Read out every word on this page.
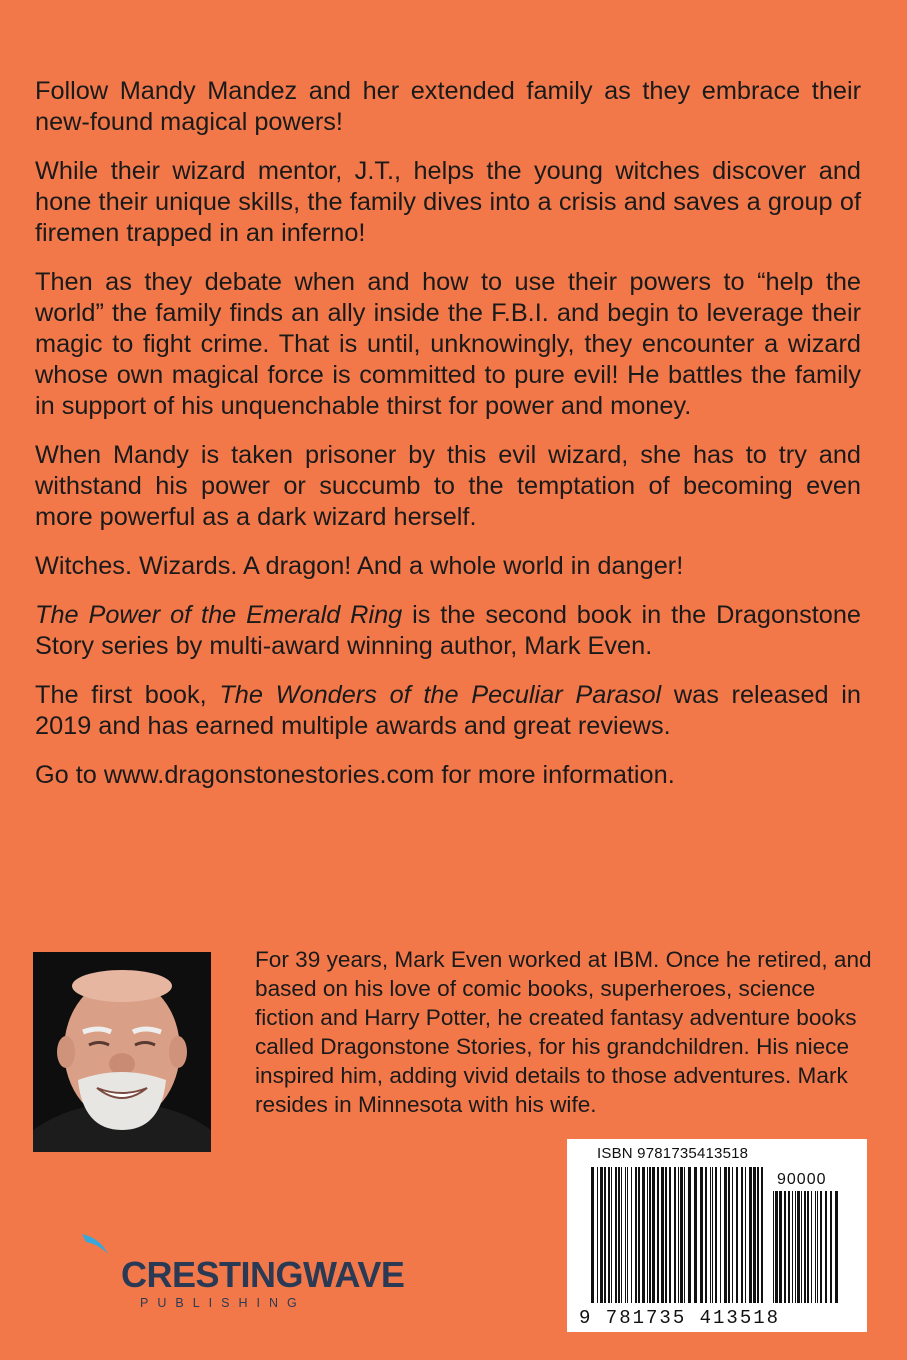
Follow Mandy Mandez and her extended family as they embrace their new-found magical powers!

While their wizard mentor, J.T., helps the young witches discover and hone their unique skills, the family dives into a crisis and saves a group of firemen trapped in an inferno!

Then as they debate when and how to use their powers to “help the world” the family finds an ally inside the F.B.I. and begin to leverage their magic to fight crime. That is until, unknowingly, they encounter a wizard whose own magical force is committed to pure evil! He battles the family in support of his unquenchable thirst for power and money.

When Mandy is taken prisoner by this evil wizard, she has to try and withstand his power or succumb to the temptation of becoming even more powerful as a dark wizard herself.

Witches. Wizards. A dragon! And a whole world in danger!

The Power of the Emerald Ring is the second book in the Dragonstone Story series by multi-award winning author, Mark Even.

The first book, The Wonders of the Peculiar Parasol was released in 2019 and has earned multiple awards and great reviews.

Go to www.dragonstonestories.com for more information.

For 39 years, Mark Even worked at IBM. Once he retired, and based on his love of comic books, superheroes, science fiction and Harry Potter, he created fantasy adventure books called Dragonstone Stories, for his grandchildren. His niece inspired him, adding vivid details to those adventures. Mark resides in Minnesota with his wife.
ISBN 9781735413518
90000
9 781735 413518
CRESTINGWAVE
PUBLISHING
